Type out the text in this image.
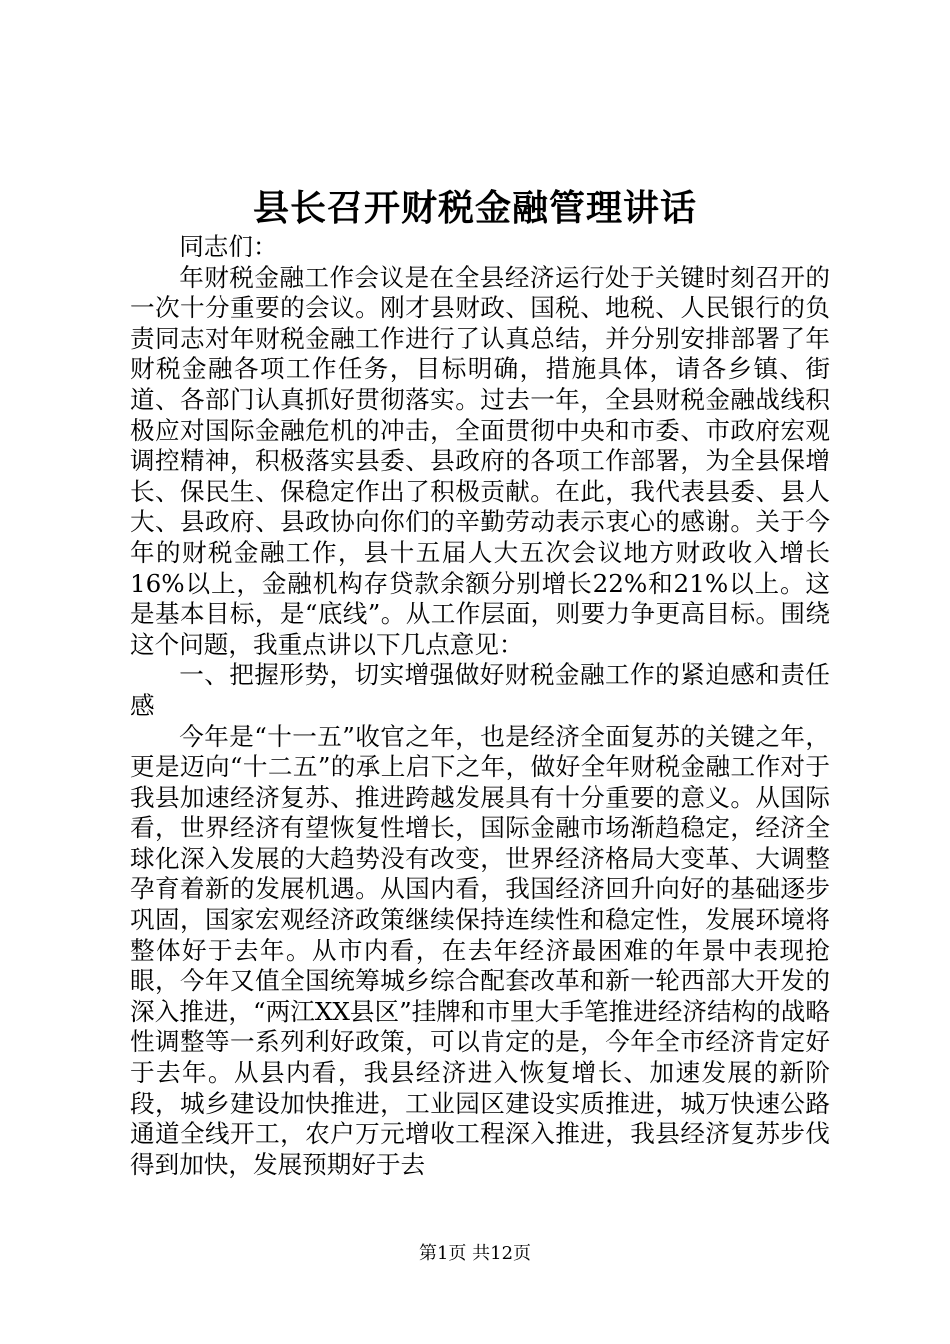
县长召开财税金融管理讲话

同志们：

年财税金融工作会议是在全县经济运行处于关键时刻召开的一次十分重要的会议。刚才县财政、国税、地税、人民银行的负责同志对年财税金融工作进行了认真总结，并分别安排部署了年财税金融各项工作任务，目标明确，措施具体，请各乡镇、街道、各部门认真抓好贯彻落实。过去一年，全县财税金融战线积极应对国际金融危机的冲击，全面贯彻中央和市委、市政府宏观调控精神，积极落实县委、县政府的各项工作部署，为全县保增长、保民生、保稳定作出了积极贡献。在此，我代表县委、县人大、县政府、县政协向你们的辛勤劳动表示衷心的感谢。关于今年的财税金融工作，县十五届人大五次会议地方财政收入增长16%以上，金融机构存贷款余额分别增长22%和21%以上。这是基本目标，是“底线”。从工作层面，则要力争更高目标。围绕这个问题，我重点讲以下几点意见：

一、把握形势，切实增强做好财税金融工作的紧迫感和责任感

今年是“十一五”收官之年，也是经济全面复苏的关键之年，更是迈向“十二五”的承上启下之年，做好全年财税金融工作对于我县加速经济复苏、推进跨越发展具有十分重要的意义。从国际看，世界经济有望恢复性增长，国际金融市场渐趋稳定，经济全球化深入发展的大趋势没有改变，世界经济格局大变革、大调整孕育着新的发展机遇。从国内看，我国经济回升向好的基础逐步巩固，国家宏观经济政策继续保持连续性和稳定性，发展环境将整体好于去年。从市内看，在去年经济最困难的年景中表现抢眼，今年又值全国统筹城乡综合配套改革和新一轮西部大开发的深入推进，“两江XX县区”挂牌和市里大手笔推进经济结构的战略性调整等一系列利好政策，可以肯定的是，今年全市经济肯定好于去年。从县内看，我县经济进入恢复增长、加速发展的新阶段，城乡建设加快推进，工业园区建设实质推进，城万快速公路通道全线开工，农户万元增收工程深入推进，我县经济复苏步伐得到加快，发展预期好于去

第1页 共12页
